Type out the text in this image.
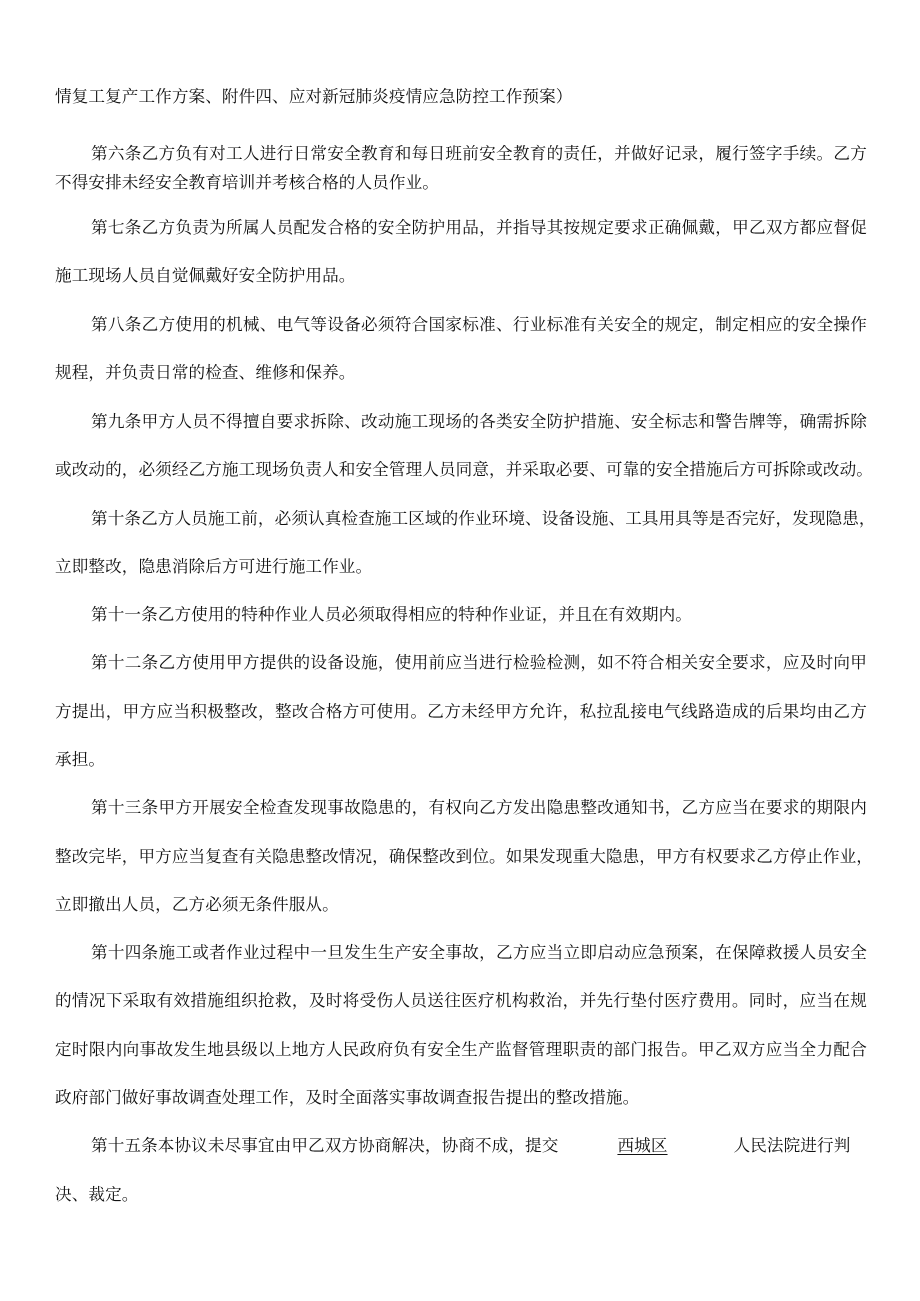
情复工复产工作方案、附件四、应对新冠肺炎疫情应急防控工作预案）
第六条乙方负有对工人进行日常安全教育和每日班前安全教育的责任，并做好记录，履行签字手续。乙方
不得安排未经安全教育培训并考核合格的人员作业。
第七条乙方负责为所属人员配发合格的安全防护用品，并指导其按规定要求正确佩戴，甲乙双方都应督促
施工现场人员自觉佩戴好安全防护用品。
第八条乙方使用的机械、电气等设备必须符合国家标准、行业标准有关安全的规定，制定相应的安全操作
规程，并负责日常的检查、维修和保养。
第九条甲方人员不得擅自要求拆除、改动施工现场的各类安全防护措施、安全标志和警告牌等，确需拆除
或改动的，必须经乙方施工现场负责人和安全管理人员同意，并采取必要、可靠的安全措施后方可拆除或改动。
第十条乙方人员施工前，必须认真检查施工区域的作业环境、设备设施、工具用具等是否完好，发现隐患，
立即整改，隐患消除后方可进行施工作业。
第十一条乙方使用的特种作业人员必须取得相应的特种作业证，并且在有效期内。
第十二条乙方使用甲方提供的设备设施，使用前应当进行检验检测，如不符合相关安全要求，应及时向甲
方提出，甲方应当积极整改，整改合格方可使用。乙方未经甲方允许，私拉乱接电气线路造成的后果均由乙方
承担。
第十三条甲方开展安全检查发现事故隐患的，有权向乙方发出隐患整改通知书，乙方应当在要求的期限内
整改完毕，甲方应当复查有关隐患整改情况，确保整改到位。如果发现重大隐患，甲方有权要求乙方停止作业，
立即撤出人员，乙方必须无条件服从。
第十四条施工或者作业过程中一旦发生生产安全事故，乙方应当立即启动应急预案，在保障救援人员安全
的情况下采取有效措施组织抢救，及时将受伤人员送往医疗机构救治，并先行垫付医疗费用。同时，应当在规
定时限内向事故发生地县级以上地方人民政府负有安全生产监督管理职责的部门报告。甲乙双方应当全力配合
政府部门做好事故调查处理工作，及时全面落实事故调查报告提出的整改措施。
第十五条本协议未尽事宜由甲乙双方协商解决，协商不成，提交	西城区	人民法院进行判
决、裁定。
